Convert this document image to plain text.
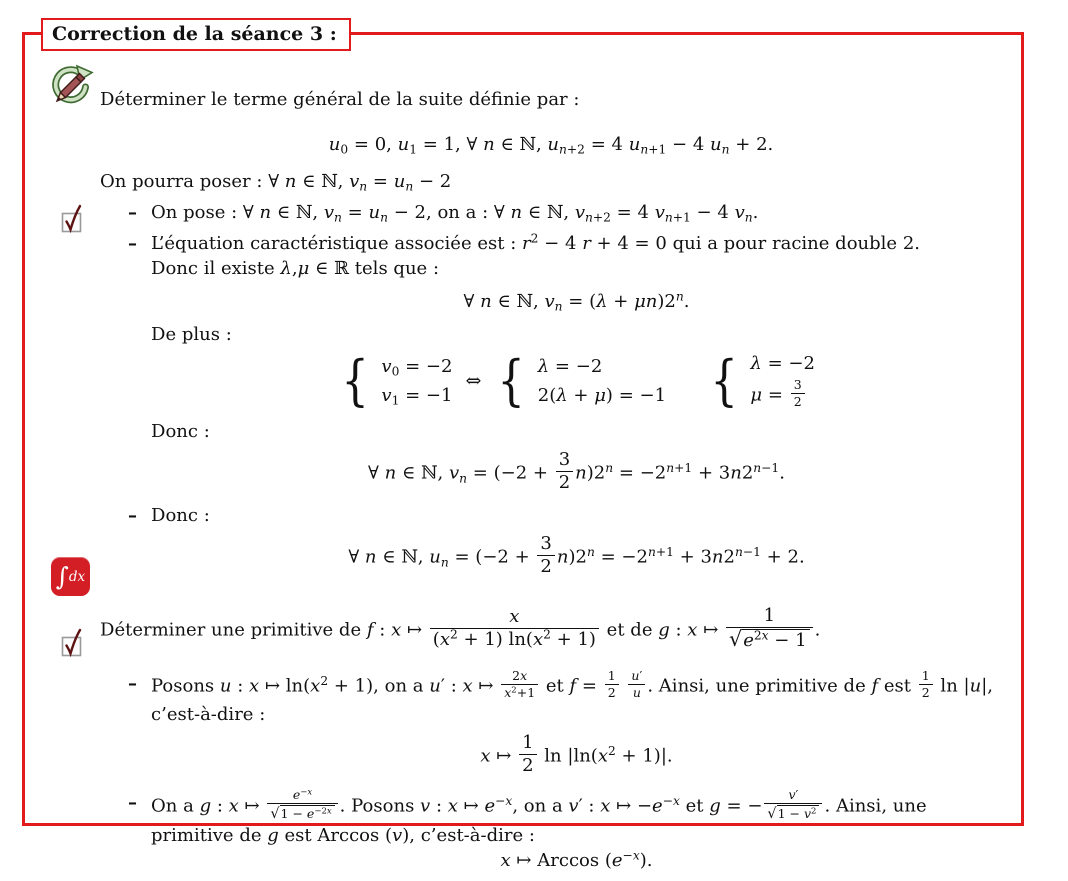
Correction de la séance 3 :
∫ dx

Déterminer le terme général de la suite défnie par :

$u_0 = 0$, $u_1 = 1$, ∀ n ∈ ℕ, $u_{n+2} = 4$ $u_{n+1} - 4$ $u_n + 2$.

On pourra poser : ∀ n ∈ ℕ, $v_n = u_n - 2$

– On pose : ∀ n ∈ ℕ, $v_n = u_n - 2$, on a : ∀ n ∈ ℕ, $v_{n+2} = 4$ $v_{n+1} - 4$ $v_n$.

– L’équation caractéristique associée est : $r^2 - 4$ r + 4 = 0 qui a pour racine double 2.

Donc il existe λ,μ ∈ ℝ tels que :

∀ n ∈ ℕ, $v_n = (\lambda + \mu n)2^n$.

De plus :

{ $v_0 = -2$
$v_1 = -1$
⇔ { λ = −2
2(λ + μ) = −1 { λ = −2
$\mu = \frac{3}{2}$

Donc :

∀ n ∈ ℕ, $v_n = (-2 + \frac{3}{2} n)2^n = -2^{n+1} + 3n2^{n-1}$.

– Donc :

∀ n ∈ ℕ, $u_n = (-2 + \frac{3}{2} n)2^n = -2^{n+1} + 3n2^{n-1} + 2$.

Déterminer une primitive de f : x ↦ $\frac{x}{(x^2 + 1) \ln(x^2 + 1)}$ et de g : x ↦ $\frac{1}{√e^{2x} - 1}$ .

– Posons u : x ↦ $\ln(x^2 + 1)$, on a u′ : x ↦ $\frac{2x}{x^2+1}$ et $f = \frac{1}{2}$
$\frac{u'}{u}$ . Ainsi, une primitive de f est $\frac{1}{2}$ ln |u|, c’est-à-dire :

x ↦ $\frac{1}{2}$ $\ln |\ln(x^2 + 1)|$.

– On a g : x ↦ $\frac{e^{-x}}{√1 - e^{-2x}}$ . Posons v : x ↦ $e^{-x}$, on a v′ : x ↦ $-e^{-x}$ et g = − $\frac{v'}{√1 - v^2}$ . Ainsi, une primitive de g est Arccos (v), c’est-à-dire :

x ↦ Arccos $(e^{-x})$.
